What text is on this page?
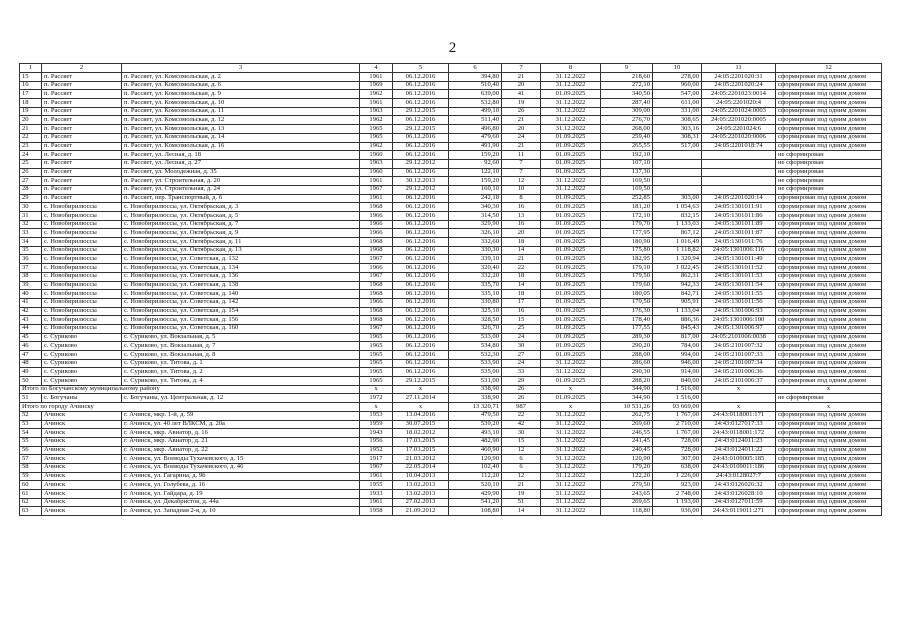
2
1	2	3	4	5	6	7	8	9	10	11	12
15	п. Рассвет	п. Рассвет, ул. Комсомольская, д. 2	1961	06.12.2016	394,80	21	31.12.2022	218,60	278,00	24:05:2201020:31	сформирован под одним домом
16	п. Рассвет	п. Рассвет, ул. Комсомольская, д. 6	1969	06.12.2016	510,40	20	31.12.2022	272,10	960,00	24:05:2201020:24	сформирован под одним домом
17	п. Рассвет	п. Рассвет, ул. Комсомольская, д. 9	1962	06.12.2016	639,00	41	01.09.2025	340,50	547,00	24:05:2201023:0014	сформирован под одним домом
18	п. Рассвет	п. Рассвет, ул. Комсомольская, д. 10	1961	06.12.2016	532,80	19	31.12.2022	287,40	611,00	24:05:2201020:4	сформирован под одним домом
19	п. Рассвет	п. Рассвет, ул. Комсомольская, д. 11	1963	29.12.2015	499,10	26	31.12.2022	309,00	331,00	24:05:2201024:0003	сформирован под одним домом
20	п. Рассвет	п. Рассвет, ул. Комсомольская, д. 12	1962	06.12.2016	511,40	21	31.12.2022	276,70	308,65	24:05:2201020:0005	сформирован под одним домом
21	п. Рассвет	п. Рассвет, ул. Комсомольская, д. 13	1965	29.12.2015	496,80	20	31.12.2022	268,00	303,16	24:05:2201024:6	сформирован под одним домом
22	п. Рассвет	п. Рассвет, ул. Комсомольская, д. 14	1965	06.12.2016	479,60	24	01.09.2025	259,40	308,31	24:05:2201020:0006	сформирован под одним домом
23	п. Рассвет	п. Рассвет, ул. Комсомольская, д. 16	1962	06.12.2016	491,90	21	01.09.2025	265,55	517,00	24:05:2201018:74	сформирован под одним домом
24	п. Рассвет	п. Рассвет, ул. Лесная, д. 18	1960	06.12.2016	159,20	11	01.09.2025	192,10			не сформирован
25	п. Рассвет	п. Рассвет, ул. Лесная, д. 27	1963	29.12.2012	92,60	7	01.09.2025	107,10			не сформирован
26	п. Рассвет	п. Рассвет, ул. Молодежная, д. 35	1960	06.12.2016	122,10	7	01.09.2025	137,30			не сформирован
27	п. Рассвет	п. Рассвет, ул. Строительная, д. 20	1961	30.12.2013	159,20	12	31.12.2022	169,50			не сформирован
28	п. Рассвет	п. Рассвет, ул. Строительная, д. 24	1967	29.12.2012	160,10	10	31.12.2022	169,50			не сформирован
29	п. Рассвет	п. Рассвет, пер. Транспортный, д. 6	1961	06.12.2016	242,18	8	01.09.2025	252,85	303,00	24:05:2201020:14	сформирован под одним домом
30	с. Новобирилюссы	с. Новобирилюссы, ул. Октябрьская, д. 3	1968	06.12.2016	340,30	16	01.09.2025	181,20	1 054,63	24:05:1301011:91	сформирован под одним домом
31	с. Новобирилюссы	с. Новобирилюссы, ул. Октябрьская, д. 5	1966	06.12.2016	314,50	13	01.09.2025	172,10	832,15	24:05:1301011:86	сформирован под одним домом
32	с. Новобирилюссы	с. Новобирилюссы, ул. Октябрьская, д. 7	1966	06.12.2016	329,90	16	01.09.2025	179,70	1 133,03	24:05:1301011:89	сформирован под одним домом
33	с. Новобирилюссы	с. Новобирилюссы, ул. Октябрьская, д. 9	1966	06.12.2016	326,10	20	01.09.2025	177,95	867,12	24:05:1301011:87	сформирован под одним домом
34	с. Новобирилюссы	с. Новобирилюссы, ул. Октябрьская, д. 11	1968	06.12.2016	332,60	18	01.09.2025	180,90	1 016,49	24:05:1301011:76	сформирован под одним домом
35	с. Новобирилюссы	с. Новобирилюссы, ул. Октябрьская, д. 13	1968	06.12.2016	330,30	14	01.09.2025	175,80	1 118,82	24:05:1301006:116	сформирован под одним домом
36	с. Новобирилюссы	с. Новобирилюссы, ул. Советская, д. 132	1967	06.12.2016	339,10	21	01.09.2025	182,95	1 320,94	24:05:1301011:49	сформирован под одним домом
37	с. Новобирилюссы	с. Новобирилюссы, ул. Советская, д. 134	1966	06.12.2016	320,40	22	01.09.2025	179,10	1 022,45	24:05:1301011:52	сформирован под одним домом
38	с. Новобирилюссы	с. Новобирилюссы, ул. Советская, д. 136	1967	06.12.2016	332,20	18	01.09.2025	179,50	862,31	24:05:1301011:53	сформирован под одним домом
39	с. Новобирилюссы	с. Новобирилюссы, ул. Советская, д. 138	1968	06.12.2016	335,70	14	01.09.2025	179,60	942,33	24:05:1301011:54	сформирован под одним домом
40	с. Новобирилюссы	с. Новобирилюссы, ул. Советская, д. 140	1968	06.12.2016	335,10	18	01.09.2025	180,05	842,71	24:05:1301011:55	сформирован под одним домом
41	с. Новобирилюссы	с. Новобирилюссы, ул. Советская, д. 142	1966	06.12.2016	330,80	17	01.09.2025	179,50	905,91	24:05:1301011:56	сформирован под одним домом
42	с. Новобирилюссы	с. Новобирилюссы, ул. Советская, д. 154	1968	06.12.2016	325,10	16	01.09.2025	176,30	1 133,04	24:05:1301006:93	сформирован под одним домом
43	с. Новобирилюссы	с. Новобирилюссы, ул. Советская, д. 156	1968	06.12.2016	328,50	15	01.09.2025	178,40	886,36	24:05:1301006:100	сформирован под одним домом
44	с. Новобирилюссы	с. Новобирилюссы, ул. Советская, д. 160	1967	06.12.2016	326,70	25	01.09.2025	177,55	845,43	24:05:1301006:97	сформирован под одним домом
45	с. Суриково	с. Суриково, ул. Вокзальная, д. 5	1965	06.12.2016	533,00	24	01.09.2025	289,30	817,00	24:05:2101006:0038	сформирован под одним домом
46	с. Суриково	с. Суриково, ул. Вокзальная, д. 7	1965	06.12.2016	534,80	30	01.09.2025	290,20	784,00	24:05:2101007:32	сформирован под одним домом
47	с. Суриково	с. Суриково, ул. Вокзальная, д. 8	1965	06.12.2016	532,30	27	01.09.2025	288,00	994,00	24:05:2101007:33	сформирован под одним домом
48	с. Суриково	с. Суриково, ул. Титова, д. 1	1965	06.12.2016	533,90	24	31.12.2022	286,60	946,00	24:05:2101007:34	сформирован под одним домом
49	с. Суриково	с. Суриково, ул. Титова, д. 2	1965	06.12.2016	535,00	33	31.12.2022	290,30	914,00	24:05:2101006:36	сформирован под одним домом
50	с. Суриково	с. Суриково, ул. Титова, д. 4	1965	29.12.2015	531,00	29	01.09.2025	288,20	840,00	24:05:2101006:37	сформирован под одним домом
Итого по Богучанскому муниципальному району			x	x	338,90	26	x	344,90	1 516,00	x	x
51	с. Богучаны	с. Богучаны, ул. Центральная, д. 12	1972	27.11.2014	338,90	26	01.09.2025	344,90	1 516,00		не сформирован
Итого по городу Ачинску			x	x	13 320,71	987	x	10 531,26	93 669,00	x	x
52	Ачинск	г. Ачинск, мкр. 1-й, д. 59	1953	13.04.2016	479,50	22	31.12.2022	262,75	1 767,00	24:43:0118001:171	сформирован под одним домом
53	Ачинск	г. Ачинск, ул. 40 лет ВЛКСМ, д. 20а	1959	30.07.2015	539,20	42	31.12.2022	269,60	2 710,00	24:43:0127017:33	сформирован под одним домом
54	Ачинск	г. Ачинск, мкр. Авиатор, д. 16	1943	18.02.2012	493,10	30	31.12.2022	246,55	1 767,00	24:43:0118001:172	сформирован под одним домом
55	Ачинск	г. Ачинск, мкр. Авиатор, д. 21	1956	17.03.2015	482,90	15	31.12.2022	241,45	728,00	24:43:0124011:23	сформирован под одним домом
56	Ачинск	г. Ачинск, мкр. Авиатор, д. 22	1952	17.03.2015	460,90	12	31.12.2022	240,45	728,00	24:43:0124011:22	сформирован под одним домом
57	Ачинск	г. Ачинск, ул. Воеводы Тухачевского, д. 15	1917	21.03.2012	120,90	6	31.12.2022	120,90	307,00	24:43:0109005:185	сформирован под одним домом
58	Ачинск	г. Ачинск, ул. Воеводы Тухачевского, д. 46	1967	22.05.2014	102,40	6	31.12.2022	179,20	638,00	24:43:0109011:186	сформирован под одним домом
59	Ачинск	г. Ачинск, ул. Гагарина, д. 9б	1961	10.04.2013	112,20	12	31.12.2022	122,20	1 226,00	24:43:0128027:7	сформирован под одним домом
60	Ачинск	г. Ачинск, ул. Голубева, д. 16	1955	13.02.2013	520,10	21	31.12.2022	279,50	923,00	24:43:0126026:32	сформирован под одним домом
61	Ачинск	г. Ачинск, ул. Гайдара, д. 19	1933	13.02.2013	429,90	19	31.12.2022	243,65	2 748,00	24:43:0126028:10	сформирован под одним домом
62	Ачинск	г. Ачинск, ул. Декабристов, д. 44а	1961	27.02.2013	541,20	51	31.12.2022	269,65	1 193,00	24:43:0127011:59	сформирован под одним домом
63	Ачинск	г. Ачинск, ул. Западная 2-я, д. 10	1958	21.09.2012	108,80	14	31.12.2022	118,80	936,00	24:43:0119011:271	сформирован под одним домом
